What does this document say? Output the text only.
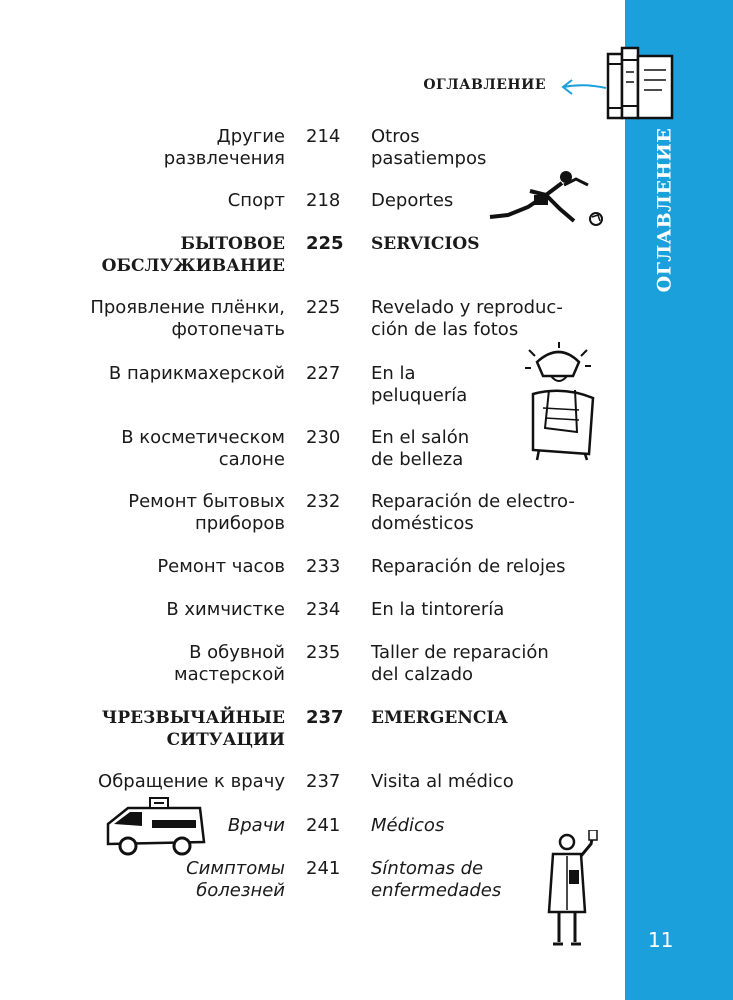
ОГЛАВЛЕНИЕ
11
ОГЛАВЛЕНИЕ
Другие
развлечения
214	Otros
pasatiempos
Спорт 218	Deportes
БЫТОВОЕ
ОБСЛУЖИВАНИЕ
225	SERVICIOS
Проявление плёнки,
фотопечать
225	Revelado y reproduc-
ción de las fotos
В парикмахерской 227	En la
peluquería
В косметическом
салоне
230	En el salón
de belleza
Ремонт бытовых
приборов
232	Reparación de electro-
domésticos
Ремонт часов 233	Reparación de relojes
В химчистке 234	En la tintorería
В обувной
мастерской
235	Taller de reparación
del calzado
ЧРЕЗВЫЧАЙНЫЕ
СИТУАЦИИ
237	EMERGENCIA
Обращение к врачу 237	Visita al médico
Врачи 241	Médicos
Симптомы
болезней
241	Síntomas de
enfermedades
